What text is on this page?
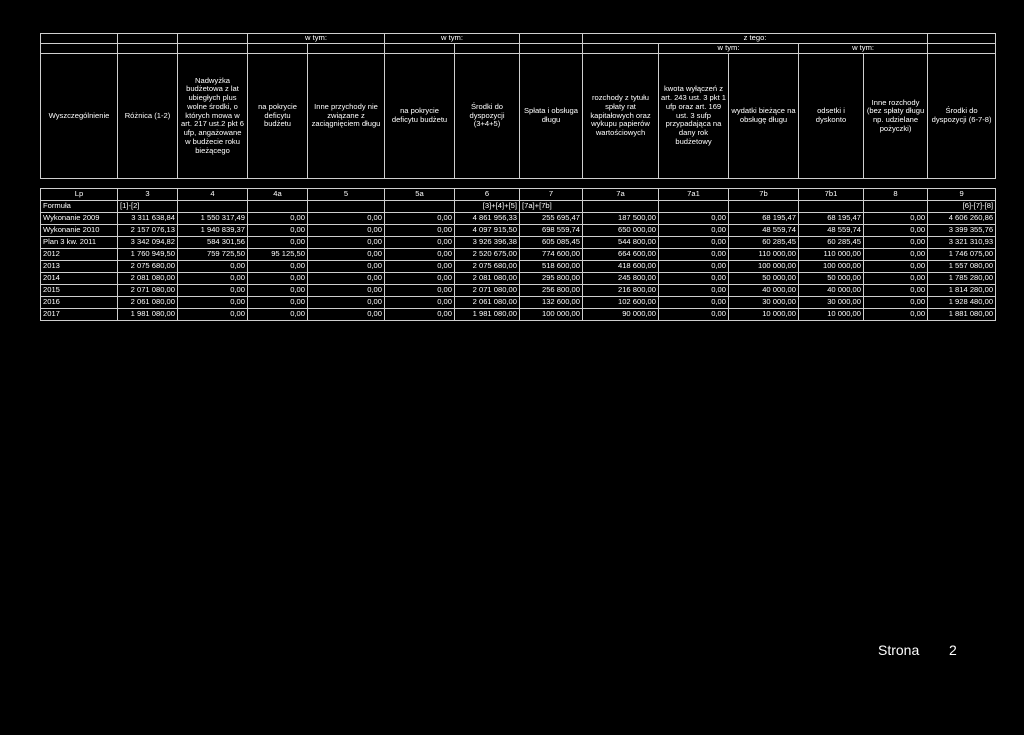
			w tym:		w tym:			z tego:					
									w tym:		w tym:		
Wyszczególnienie	Różnica (1-2)	Nadwyżka budżetowa z lat ubiegłych plus wolne środki, o których mowa w art. 217 ust.2 pkt 6 ufp, angażowane w budżecie roku bieżącego	na pokrycie deficytu budżetu	Inne przychody nie związane z zaciągnięciem długu	na pokrycie deficytu budżetu	Środki do dyspozycji (3+4+5)	Spłata i obsługa długu	rozchody z tytułu spłaty rat kapitałowych oraz wykupu papierów wartościowych	kwota wyłączeń z art. 243 ust. 3 pkt 1 ufp oraz art. 169 ust. 3 sufp przypadająca na dany rok budżetowy	wydatki bieżące na obsługę długu	odsetki i dyskonto	Inne rozchody (bez spłaty długu np. udzielane pożyczki)	Środki do dyspozycji (6-7-8)

Lp	3	4	4a	5	5a	6	7	7a	7a1	7b	7b1	8	9
Formuła	[1]-[2]					[3]+[4]+[5]	[7a]+[7b]						[6]-[7]-[8]
Wykonanie 2009	3 311 638,84	1 550 317,49	0,00	0,00	0,00	4 861 956,33	255 695,47	187 500,00	0,00	68 195,47	68 195,47	0,00	4 606 260,86
Wykonanie 2010	2 157 076,13	1 940 839,37	0,00	0,00	0,00	4 097 915,50	698 559,74	650 000,00	0,00	48 559,74	48 559,74	0,00	3 399 355,76
Plan 3 kw. 2011	3 342 094,82	584 301,56	0,00	0,00	0,00	3 926 396,38	605 085,45	544 800,00	0,00	60 285,45	60 285,45	0,00	3 321 310,93
2012	1 760 949,50	759 725,50	95 125,50	0,00	0,00	2 520 675,00	774 600,00	664 600,00	0,00	110 000,00	110 000,00	0,00	1 746 075,00
2013	2 075 680,00	0,00	0,00	0,00	0,00	2 075 680,00	518 600,00	418 600,00	0,00	100 000,00	100 000,00	0,00	1 557 080,00
2014	2 081 080,00	0,00	0,00	0,00	0,00	2 081 080,00	295 800,00	245 800,00	0,00	50 000,00	50 000,00	0,00	1 785 280,00
2015	2 071 080,00	0,00	0,00	0,00	0,00	2 071 080,00	256 800,00	216 800,00	0,00	40 000,00	40 000,00	0,00	1 814 280,00
2016	2 061 080,00	0,00	0,00	0,00	0,00	2 061 080,00	132 600,00	102 600,00	0,00	30 000,00	30 000,00	0,00	1 928 480,00
2017	1 981 080,00	0,00	0,00	0,00	0,00	1 981 080,00	100 000,00	90 000,00	0,00	10 000,00	10 000,00	0,00	1 881 080,00
Strona 2
